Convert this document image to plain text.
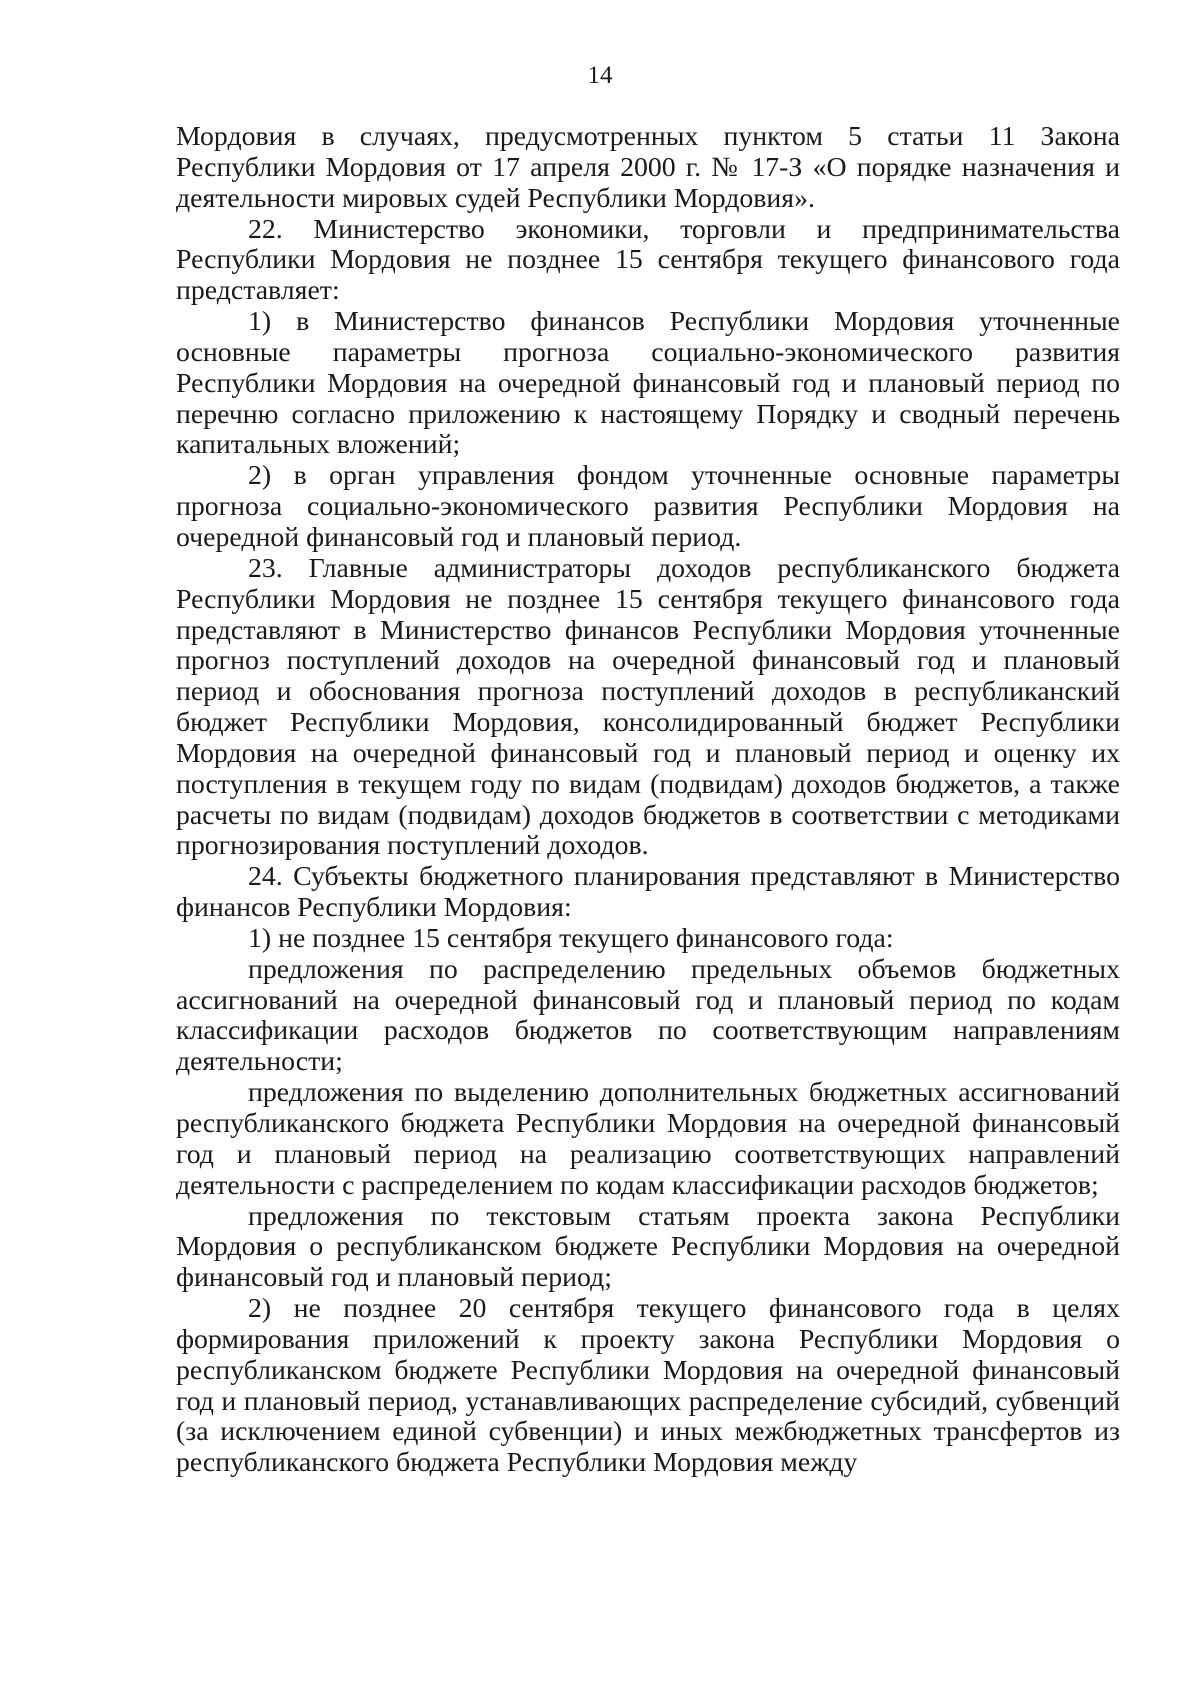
14

Мордовия в случаях, предусмотренных пунктом 5 статьи 11 Закона Республики Мордовия от 17 апреля 2000 г. № 17-З «О порядке назначения и деятельности мировых судей Республики Мордовия».

22. Министерство экономики, торговли и предпринимательства Республики Мордовия не позднее 15 сентября текущего финансового года представляет:

1) в Министерство финансов Республики Мордовия уточненные основные параметры прогноза социально-экономического развития Республики Мордовия на очередной финансовый год и плановый период по перечню согласно приложению к настоящему Порядку и сводный перечень капитальных вложений;

2) в орган управления фондом уточненные основные параметры прогноза социально-экономического развития Республики Мордовия на очередной финансовый год и плановый период.

23. Главные администраторы доходов республиканского бюджета Республики Мордовия не позднее 15 сентября текущего финансового года представляют в Министерство финансов Республики Мордовия уточненные прогноз поступлений доходов на очередной финансовый год и плановый период и обоснования прогноза поступлений доходов в республиканский бюджет Республики Мордовия, консолидированный бюджет Республики Мордовия на очередной финансовый год и плановый период и оценку их поступления в текущем году по видам (подвидам) доходов бюджетов, а также расчеты по видам (подвидам) доходов бюджетов в соответствии с методиками прогнозирования поступлений доходов.

24. Субъекты бюджетного планирования представляют в Министерство финансов Республики Мордовия:

1) не позднее 15 сентября текущего финансового года:

предложения по распределению предельных объемов бюджетных ассигнований на очередной финансовый год и плановый период по кодам классификации расходов бюджетов по соответствующим направлениям деятельности;

предложения по выделению дополнительных бюджетных ассигнований республиканского бюджета Республики Мордовия на очередной финансовый год и плановый период на реализацию соответствующих направлений деятельности с распределением по кодам классификации расходов бюджетов;

предложения по текстовым статьям проекта закона Республики Мордовия о республиканском бюджете Республики Мордовия на очередной финансовый год и плановый период;

2) не позднее 20 сентября текущего финансового года в целях формирования приложений к проекту закона Республики Мордовия о республиканском бюджете Республики Мордовия на очередной финансовый год и плановый период, устанавливающих распределение субсидий, субвенций (за исключением единой субвенции) и иных межбюджетных трансфертов из республиканского бюджета Республики Мордовия между
